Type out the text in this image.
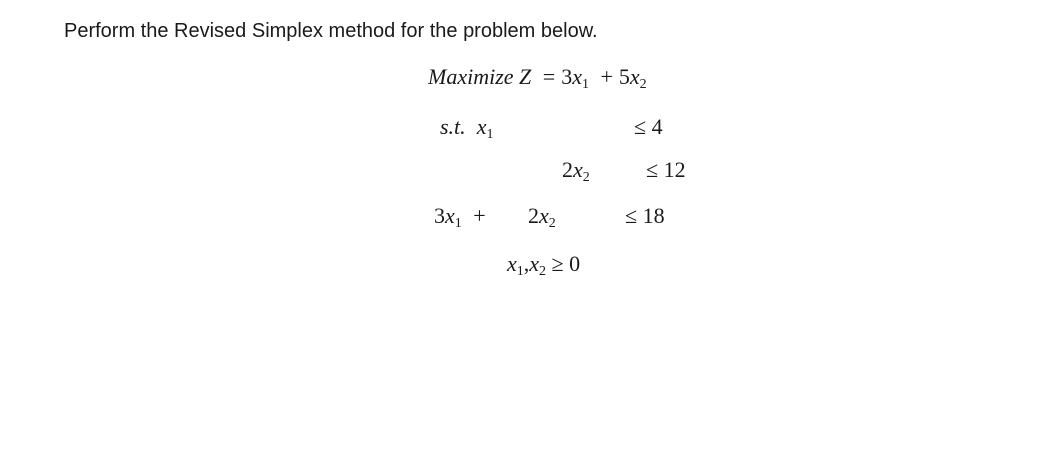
Perform the Revised Simplex method for the problem below.
Maximize $Z = 3x_1 + 5x_2$
s.t. $x_1$	≤ 4
$2x_2$	≤ 12
$3x_1 + 2x_2$	≤ 18
$x_1,x_2 \ge 0$
